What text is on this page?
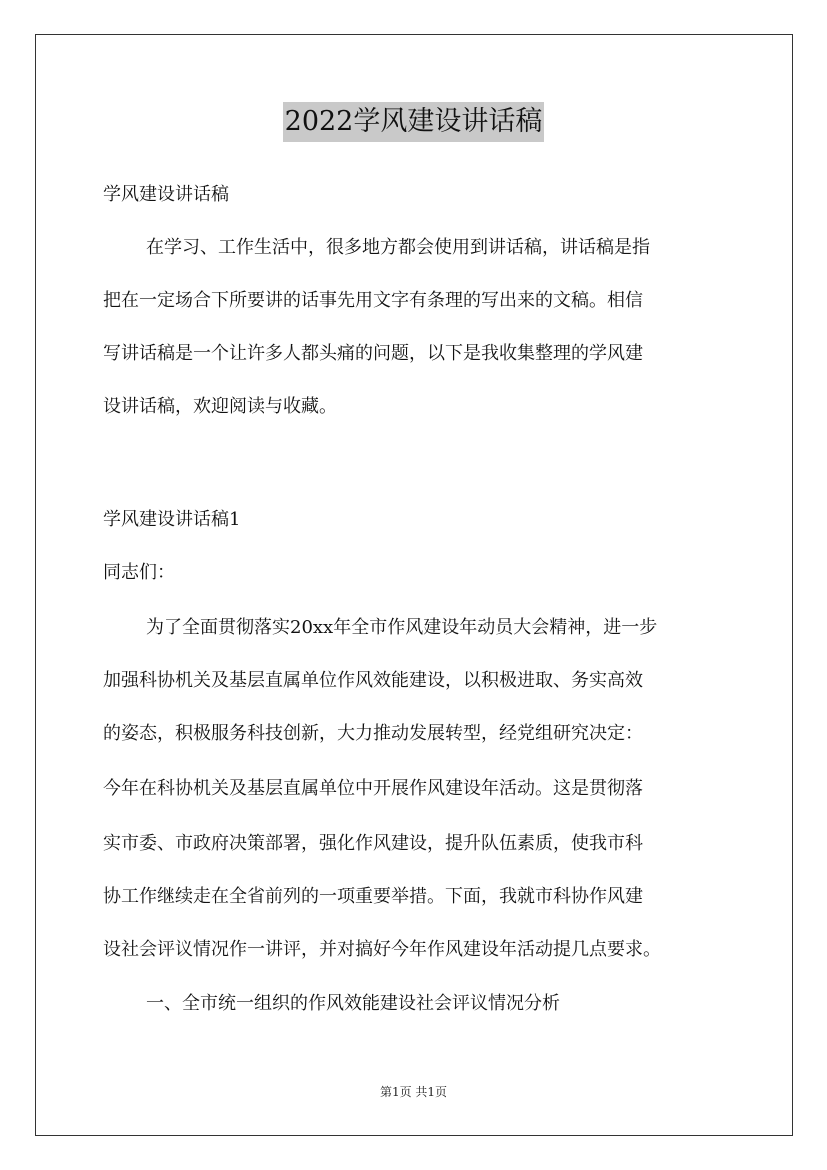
2022学风建设讲话稿
学风建设讲话稿
在学习、工作生活中，很多地方都会使用到讲话稿，讲话稿是指
把在一定场合下所要讲的话事先用文字有条理的写出来的文稿。相信
写讲话稿是一个让许多人都头痛的问题，以下是我收集整理的学风建
设讲话稿，欢迎阅读与收藏。
学风建设讲话稿1
同志们：
为了全面贯彻落实20xx年全市作风建设年动员大会精神，进一步
加强科协机关及基层直属单位作风效能建设，以积极进取、务实高效
的姿态，积极服务科技创新，大力推动发展转型，经党组研究决定：
今年在科协机关及基层直属单位中开展作风建设年活动。这是贯彻落
实市委、市政府决策部署，强化作风建设，提升队伍素质，使我市科
协工作继续走在全省前列的一项重要举措。下面，我就市科协作风建
设社会评议情况作一讲评，并对搞好今年作风建设年活动提几点要求。
一、全市统一组织的作风效能建设社会评议情况分析
第1页 共1页
